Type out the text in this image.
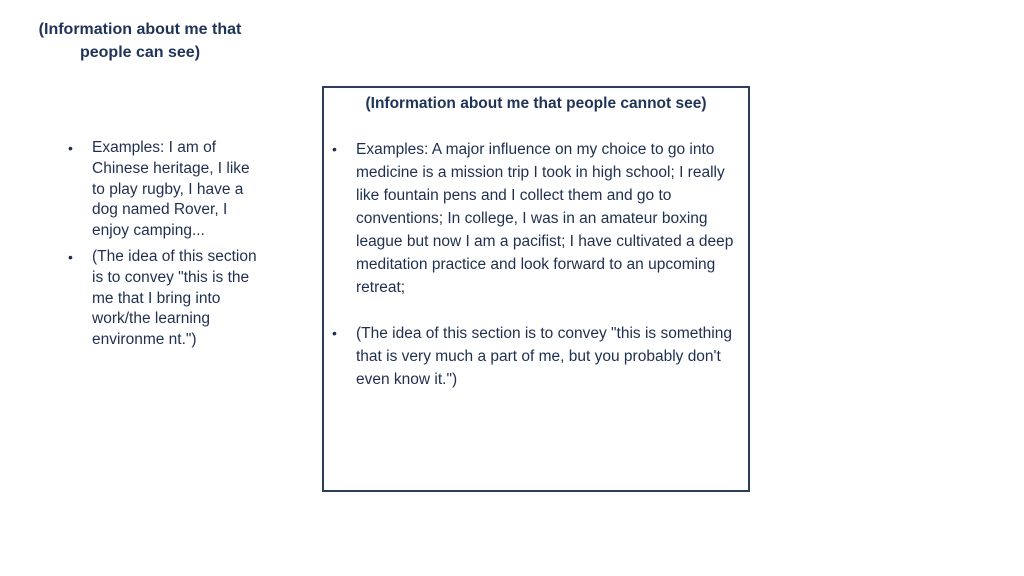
(Information about me that people can see)
• Examples: I am of Chinese heritage, I like to play rugby, I have a dog named Rover, I enjoy camping...
• (The idea of this section is to convey "this is the me that I bring into work/the learning environme nt.")
(Information about me that people cannot see)
• Examples: A major influence on my choice to go into medicine is a mission trip I took in high school; I really like fountain pens and I collect them and go to conventions; In college, I was in an amateur boxing league but now I am a pacifist; I have cultivated a deep meditation practice and look forward to an upcoming retreat;
• (The idea of this section is to convey "this is something that is very much a part of me, but you probably don't even know it.")
